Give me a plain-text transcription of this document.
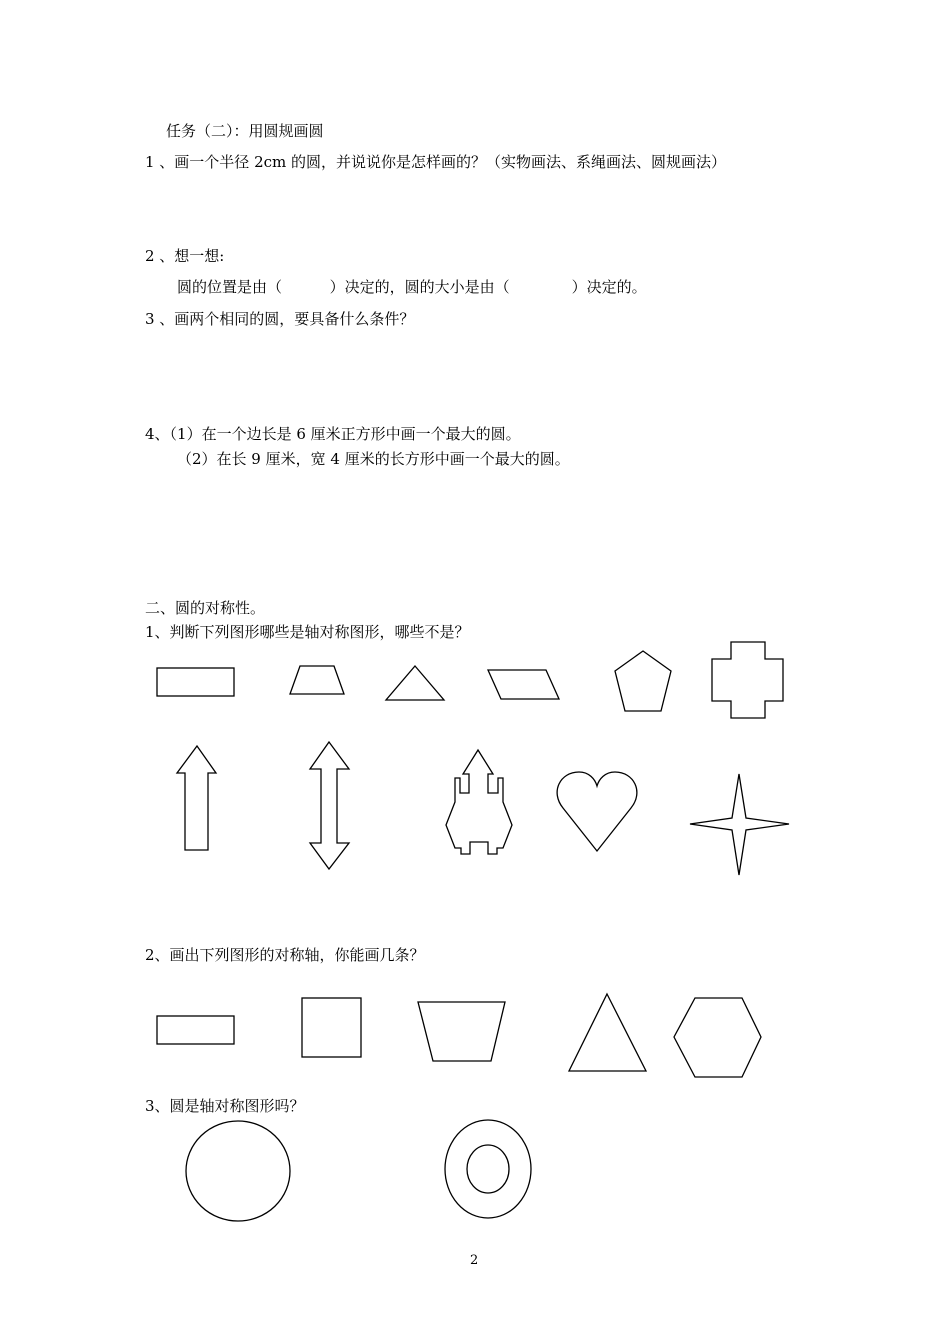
任务（二）：用圆规画圆
1 、画一个半径 2cm 的圆，并说说你是怎样画的？（实物画法、系绳画法、圆规画法）
2 、想一想:
圆的位置是由（          ）决定的，圆的大小是由（             ）决定的。
3 、画两个相同的圆，要具备什么条件？
4、（1）在一个边长是 6 厘米正方形中画一个最大的圆。
（2）在长 9 厘米，宽 4 厘米的长方形中画一个最大的圆。
二、圆的对称性。
1、判断下列图形哪些是轴对称图形，哪些不是？
2、画出下列图形的对称轴，你能画几条？
3、圆是轴对称图形吗？
2
